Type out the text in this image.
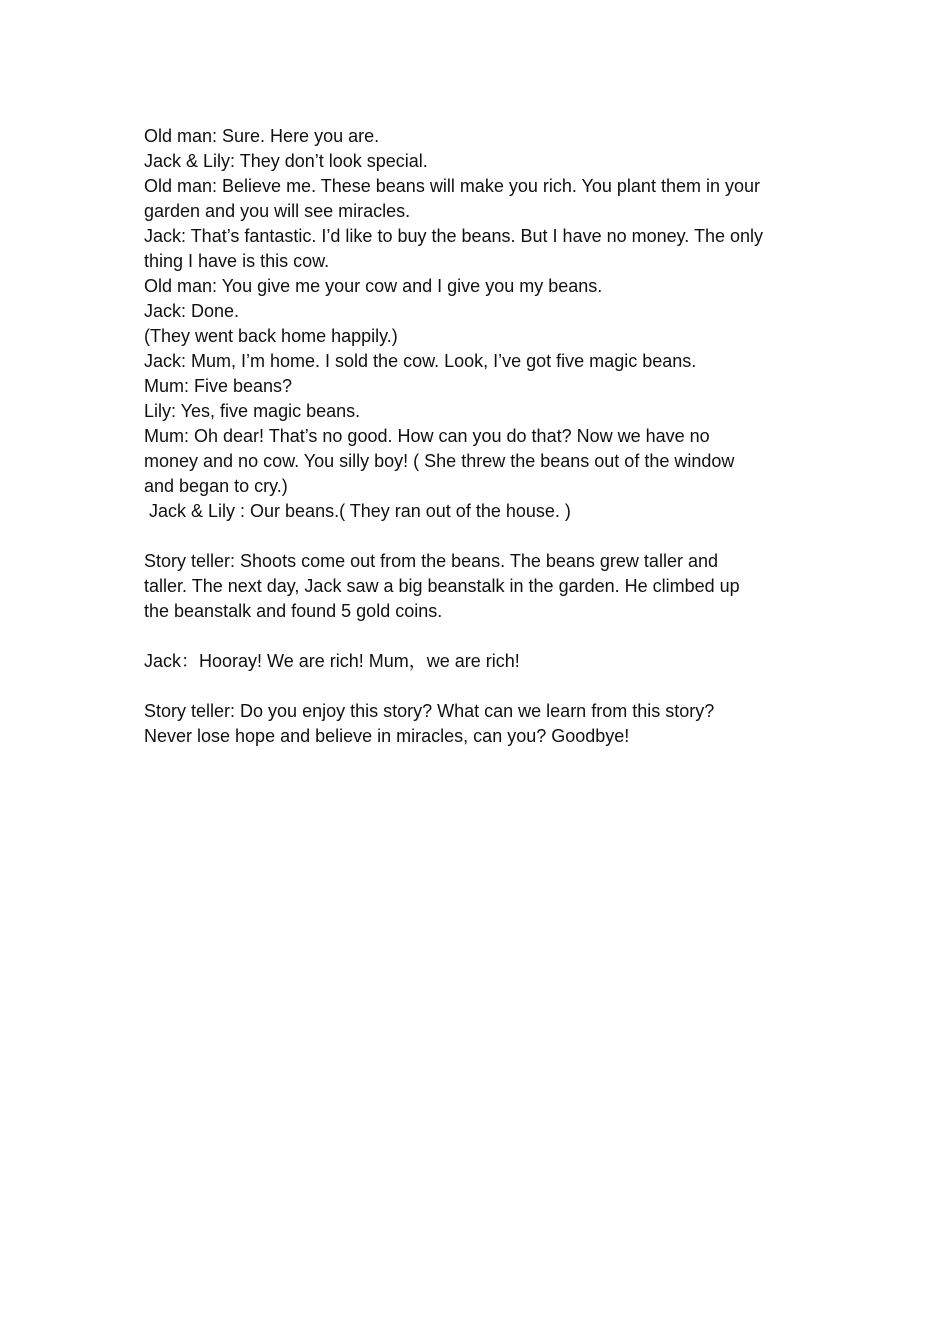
Old man: Sure. Here you are.

Jack & Lily: They don’t look special.

Old man: Believe me. These beans will make you rich. You plant them in your

garden and you will see miracles.

Jack: That’s fantastic. I’d like to buy the beans. But I have no money. The only

thing I have is this cow.

Old man: You give me your cow and I give you my beans.

Jack: Done.

(They went back home happily.)

Jack: Mum, I’m home. I sold the cow. Look, I’ve got five magic beans.

Mum: Five beans?

Lily: Yes, five magic beans.

Mum: Oh dear! That’s no good. How can you do that? Now we have no

money and no cow. You silly boy! ( She threw the beans out of the window

and began to cry.)

Jack & Lily : Our beans.( They ran out of the house. )

Story teller: Shoots come out from the beans. The beans grew taller and

taller. The next day, Jack saw a big beanstalk in the garden. He climbed up

the beanstalk and found 5 gold coins.

Jack：Hooray! We are rich! Mum，we are rich!

Story teller: Do you enjoy this story? What can we learn from this story?

Never lose hope and believe in miracles, can you? Goodbye!
